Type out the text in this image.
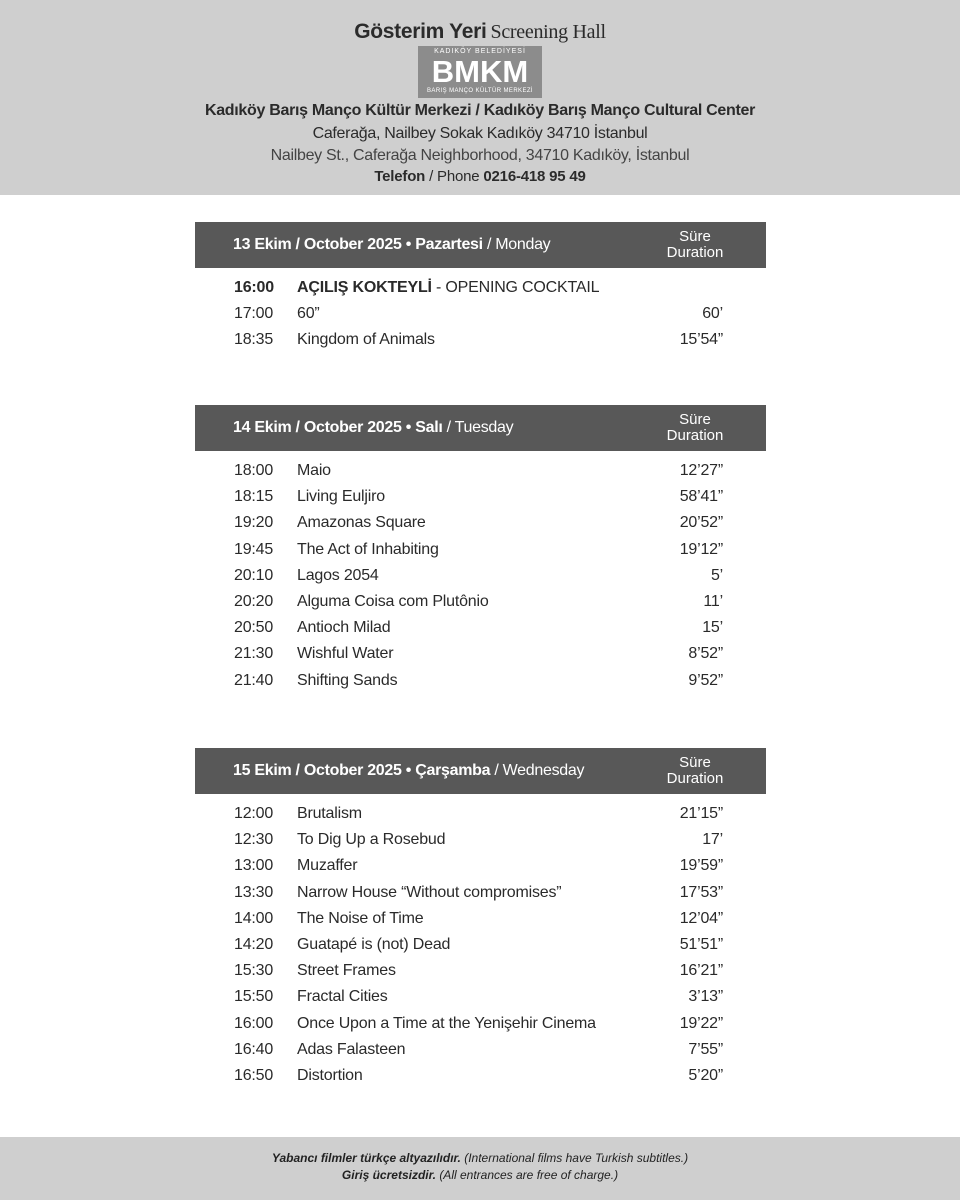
Gösterim Yeri Screening Hall
KADIKÖY BELEDİYESİ
BMKM
BARIŞ MANÇO KÜLTÜR MERKEZİ
Kadıköy Barış Manço Kültür Merkezi / Kadıköy Barış Manço Cultural Center
Caferağa, Nailbey Sokak Kadıköy 34710 İstanbul
Nailbey St., Caferağa Neighborhood, 34710 Kadıköy, İstanbul
Telefon / Phone 0216-418 95 49
13 Ekim / October 2025 • Pazartesi / Monday	Süre
Duration
16:00 AÇILIŞ KOKTEYLİ - OPENING COCKTAIL
17:00 60”	60’
18:35 Kingdom of Animals	15’54”
14 Ekim / October 2025 • Salı / Tuesday	Süre
Duration
18:00 Maio	12’27”
18:15 Living Euljiro	58’41”
19:20 Amazonas Square	20’52”
19:45 The Act of Inhabiting	19’12”
20:10 Lagos 2054	5’
20:20 Alguma Coisa com Plutônio	11’
20:50 Antioch Milad	15’
21:30 Wishful Water	8’52”
21:40 Shifting Sands	9’52”
15 Ekim / October 2025 • Çarşamba / Wednesday	Süre
Duration
12:00 Brutalism	21’15”
12:30 To Dig Up a Rosebud	17’
13:00 Muzaffer	19’59”
13:30 Narrow House “Without compromises”	17’53”
14:00 The Noise of Time	12’04”
14:20 Guatapé is (not) Dead	51’51”
15:30 Street Frames	16’21”
15:50 Fractal Cities	3’13”
16:00 Once Upon a Time at the Yenişehir Cinema	19’22”
16:40 Adas Falasteen	7’55”
16:50 Distortion	5’20”
Yabancı filmler türkçe altyazılıdır. (International films have Turkish subtitles.)
Giriş ücretsizdir. (All entrances are free of charge.)
